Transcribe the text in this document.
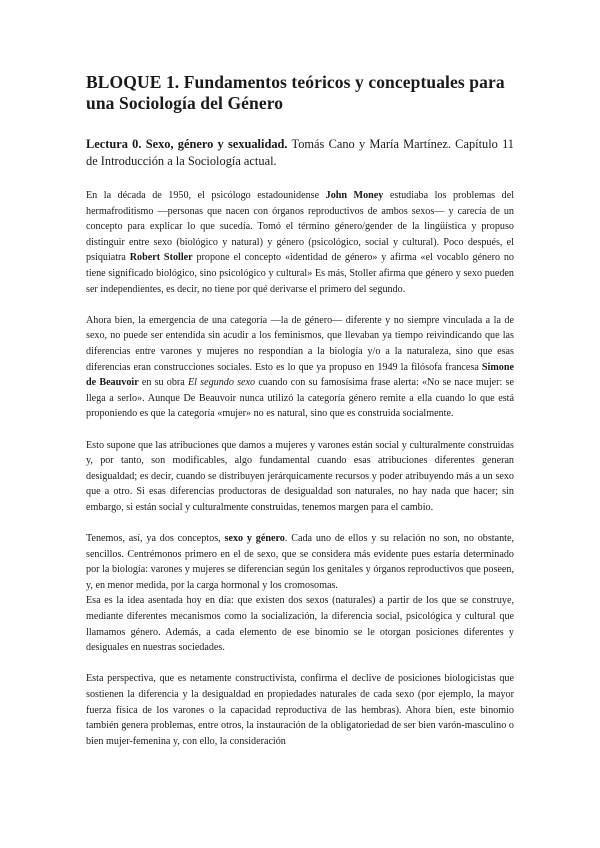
BLOQUE 1. Fundamentos teóricos y conceptuales para una Sociología del Género
Lectura 0. Sexo, género y sexualidad. Tomás Cano y María Martínez. Capítulo 11 de Introducción a la Sociología actual.

En la década de 1950, el psicólogo estadounidense John Money estudiaba los problemas del hermafroditismo —personas que nacen con órganos reproductivos de ambos sexos— y carecía de un concepto para explicar lo que sucedía. Tomó el término género/gender de la lingüística y propuso distinguir entre sexo (biológico y natural) y género (psicológico, social y cultural). Poco después, el psiquiatra Robert Stoller propone el concepto «identidad de género» y afirma «el vocablo género no tiene significado biológico, sino psicológico y cultural» Es más, Stoller afirma que género y sexo pueden ser independientes, es decir, no tiene por qué derivarse el primero del segundo.

Ahora bien, la emergencia de una categoría —la de género— diferente y no siempre vinculada a la de sexo, no puede ser entendida sin acudir a los feminismos, que llevaban ya tiempo reivindicando que las diferencias entre varones y mujeres no respondían a la biología y/o a la naturaleza, sino que esas diferencias eran construcciones sociales. Esto es lo que ya propuso en 1949 la filósofa francesa Simone de Beauvoir en su obra El segundo sexo cuando con su famosísima frase alerta: «No se nace mujer: se llega a serlo». Aunque De Beauvoir nunca utilizó la categoría género remite a ella cuando lo que está proponiendo es que la categoría «mujer» no es natural, sino que es construida socialmente.

Esto supone que las atribuciones que damos a mujeres y varones están social y culturalmente construidas y, por tanto, son modificables, algo fundamental cuando esas atribuciones diferentes generan desigualdad; es decir, cuando se distribuyen jerárquicamente recursos y poder atribuyendo más a un sexo que a otro. Si esas diferencias productoras de desigualdad son naturales, no hay nada que hacer; sin embargo, si están social y culturalmente construidas, tenemos margen para el cambio.

Tenemos, así, ya dos conceptos, sexo y género. Cada uno de ellos y su relación no son, no obstante, sencillos. Centrémonos primero en el de sexo, que se considera más evidente pues estaría determinado por la biología: varones y mujeres se diferencian según los genitales y órganos reproductivos que poseen, y, en menor medida, por la carga hormonal y los cromosomas.

Esa es la idea asentada hoy en día: que existen dos sexos (naturales) a partir de los que se construye, mediante diferentes mecanismos como la socialización, la diferencia social, psicológica y cultural que llamamos género. Además, a cada elemento de ese binomio se le otorgan posiciones diferentes y desiguales en nuestras sociedades.

Esta perspectiva, que es netamente constructivista, confirma el declive de posiciones biologicistas que sostienen la diferencia y la desigualdad en propiedades naturales de cada sexo (por ejemplo, la mayor fuerza física de los varones o la capacidad reproductiva de las hembras). Ahora bien, este binomio también genera problemas, entre otros, la instauración de la obligatoriedad de ser bien varón-masculino o bien mujer-femenina y, con ello, la consideración
